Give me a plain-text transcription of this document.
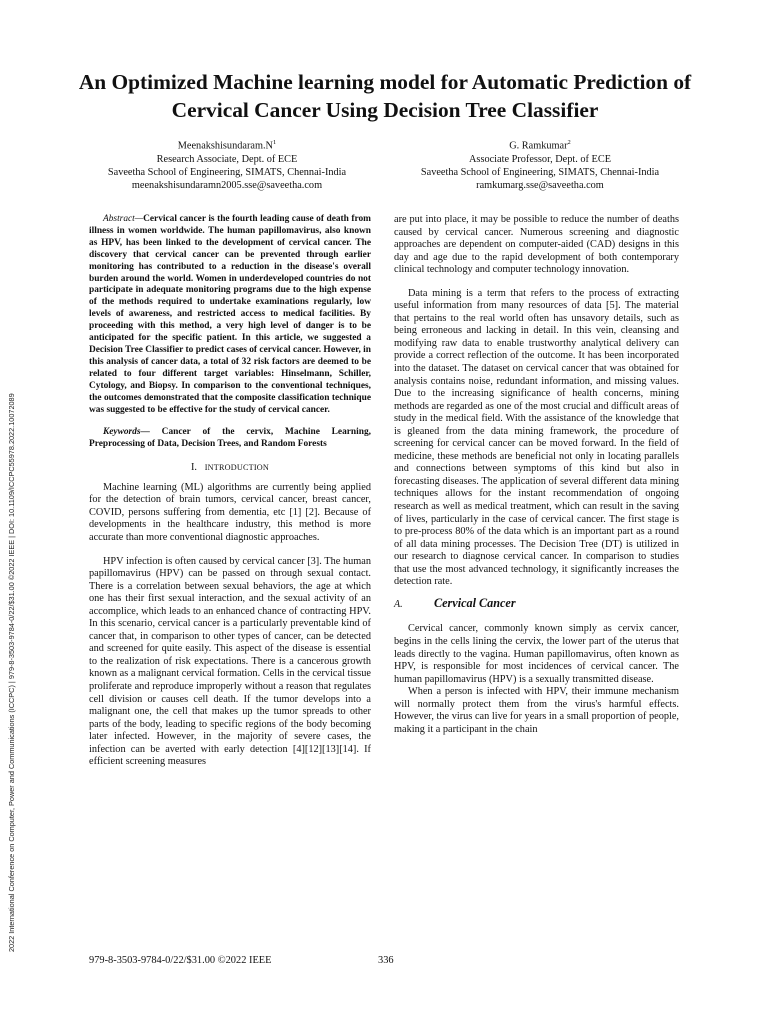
2022 International Conference on Computer, Power and Communications (ICCPC) | 979-8-3503-9784-0/22/$31.00 ©2022 IEEE | DOI: 10.1109/ICCPC55978.2022.10072089
An Optimized Machine learning model for Automatic Prediction of Cervical Cancer Using Decision Tree Classifier
$Meenakshisundaram.N^1$
Research Associate, Dept. of ECE
Saveetha School of Engineering, SIMATS, Chennai-India
meenakshisundaramn2005.sse@saveetha.com
G. Ramkumar$^2$
Associate Professor, Dept. of ECE
Saveetha School of Engineering, SIMATS, Chennai-India
ramkumarg.sse@saveetha.com

Abstract—Cervical cancer is the fourth leading cause of death from illness in women worldwide. The human papillomavirus, also known as HPV, has been linked to the development of cervical cancer. The discovery that cervical cancer can be prevented through earlier monitoring has contributed to a reduction in the disease's overall burden around the world. Women in underdeveloped countries do not participate in adequate monitoring programs due to the high expense of the methods required to undertake examinations regularly, low levels of awareness, and restricted access to medical facilities. By proceeding with this method, a very high level of danger is to be anticipated for the specific patient. In this article, we suggested a Decision Tree Classifier to predict cases of cervical cancer. However, in this analysis of cancer data, a total of 32 risk factors are deemed to be related to four different target variables: Hinselmann, Schiller, Cytology, and Biopsy. In comparison to the conventional techniques, the outcomes demonstrated that the composite classification technique was suggested to be effective for the study of cervical cancer.

Keywords— Cancer of the cervix, Machine Learning, Preprocessing of Data, Decision Trees, and Random Forests

I. INTRODUCTION

Machine learning (ML) algorithms are currently being applied for the detection of brain tumors, cervical cancer, breast cancer, COVID, persons suffering from dementia, etc [1] [2]. Because of developments in the healthcare industry, this method is more accurate than more conventional diagnostic approaches.

HPV infection is often caused by cervical cancer [3]. The human papillomavirus (HPV) can be passed on through sexual contact. There is a correlation between sexual behaviors, the age at which one has their first sexual interaction, and the sexual activity of an accomplice, which leads to an enhanced chance of contracting HPV. In this scenario, cervical cancer is a particularly preventable kind of cancer that, in comparison to other types of cancer, can be detected and screened for quite easily. This aspect of the disease is essential to the realization of risk expectations. There is a cancerous growth known as a malignant cervical formation. Cells in the cervical tissue proliferate and reproduce improperly without a reason that regulates cell division or causes cell death. If the tumor develops into a malignant one, the cell that makes up the tumor spreads to other parts of the body, leading to specific regions of the body becoming later infected. However, in the majority of severe cases, the infection can be averted with early detection [4][12][13][14]. If efficient screening measures

are put into place, it may be possible to reduce the number of deaths caused by cervical cancer. Numerous screening and diagnostic approaches are dependent on computer-aided (CAD) designs in this day and age due to the rapid development of both contemporary clinical technology and computer technology innovation.

Data mining is a term that refers to the process of extracting useful information from many resources of data [5]. The material that pertains to the real world often has unsavory details, such as being erroneous and lacking in detail. In this vein, cleansing and modifying raw data to enable trustworthy analytical delivery can provide a correct reflection of the outcome. It has been incorporated into the dataset. The dataset on cervical cancer that was obtained for analysis contains noise, redundant information, and missing values. Due to the increasing significance of health concerns, mining methods are regarded as one of the most crucial and difficult areas of study in the medical field. With the assistance of the knowledge that is gleaned from the data mining framework, the procedure of screening for cervical cancer can be moved forward. In the field of medicine, these methods are beneficial not only in locating parallels and connections between symptoms of this kind but also in forecasting diseases. The application of several different data mining techniques allows for the instant recommendation of ongoing research as well as medical treatment, which can result in the saving of lives, particularly in the case of cervical cancer. The first stage is to pre-process 80% of the data which is an important part as a round of all data mining processes. The Decision Tree (DT) is utilized in our research to diagnose cervical cancer. In comparison to studies that use the most advanced technology, it significantly increases the detection rate.

A.	Cervical Cancer

Cervical cancer, commonly known simply as cervix cancer, begins in the cells lining the cervix, the lower part of the uterus that leads directly to the vagina. Human papillomavirus, often known as HPV, is responsible for most incidences of cervical cancer. The human papillomavirus (HPV) is a sexually transmitted disease.

When a person is infected with HPV, their immune mechanism will normally protect them from the virus's harmful effects. However, the virus can live for years in a small proportion of people, making it a participant in the chain

979-8-3503-9784-0/22/$31.00 ©2022 IEEE	336
